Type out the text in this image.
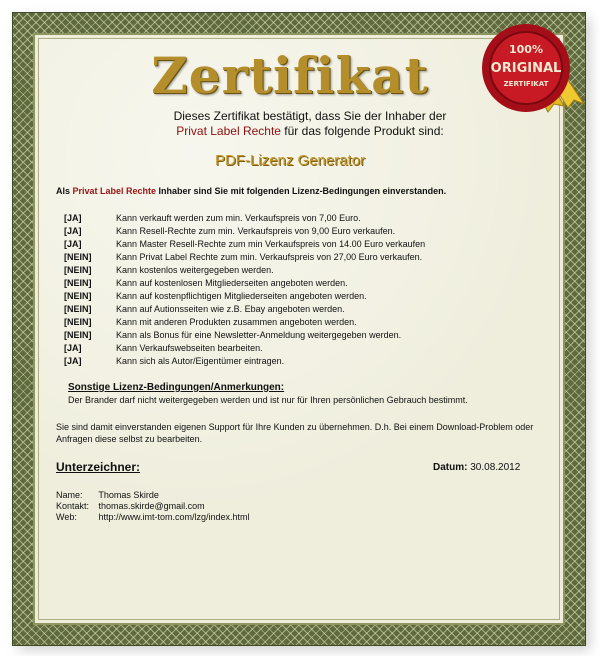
Zertifikat
Dieses Zertifikat bestätigt, dass Sie der Inhaber der
Privat Label Rechte für das folgende Produkt sind:
PDF-Lizenz Generator
Als Privat Label Rechte Inhaber sind Sie mit folgenden Lizenz-Bedingungen einverstanden.
[JA]	Kann verkauft werden zum min. Verkaufspreis von 7,00 Euro.
[JA]	Kann Resell-Rechte zum min. Verkaufspreis von 9,00 Euro verkaufen.
[JA]	Kann Master Resell-Rechte zum min Verkaufspreis von 14.00 Euro verkaufen
[NEIN]	Kann Privat Label Rechte zum min. Verkaufspreis von 27,00 Euro verkaufen.
[NEIN]	Kann kostenlos weitergegeben werden.
[NEIN]	Kann auf kostenlosen Mitgliederseiten angeboten werden.
[NEIN]	Kann auf kostenpflichtigen Mitgliederseiten angeboten werden.
[NEIN]	Kann auf Autionsseiten wie z.B. Ebay angeboten werden.
[NEIN]	Kann mit anderen Produkten zusammen angeboten werden.
[NEIN]	Kann als Bonus für eine Newsletter-Anmeldung weitergegeben werden.
[JA]	Kann Verkaufswebseiten bearbeiten.
[JA]	Kann sich als Autor/Eigentümer eintragen.
Sonstige Lizenz-Bedingungen/Anmerkungen:
Der Brander darf nicht weitergegeben werden und ist nur für Ihren persönlichen Gebrauch bestimmt.
Sie sind damit einverstanden eigenen Support für Ihre Kunden zu übernehmen. D.h. Bei einem Download-Problem oder Anfragen diese selbst zu bearbeiten.
Unterzeichner:	Datum: 30.08.2012
Name: Thomas Skirde
Kontakt: thomas.skirde@gmail.com
Web: http://www.imt-tom.com/lzg/index.html
100%
ORIGINAL
ZERTIFIKAT
